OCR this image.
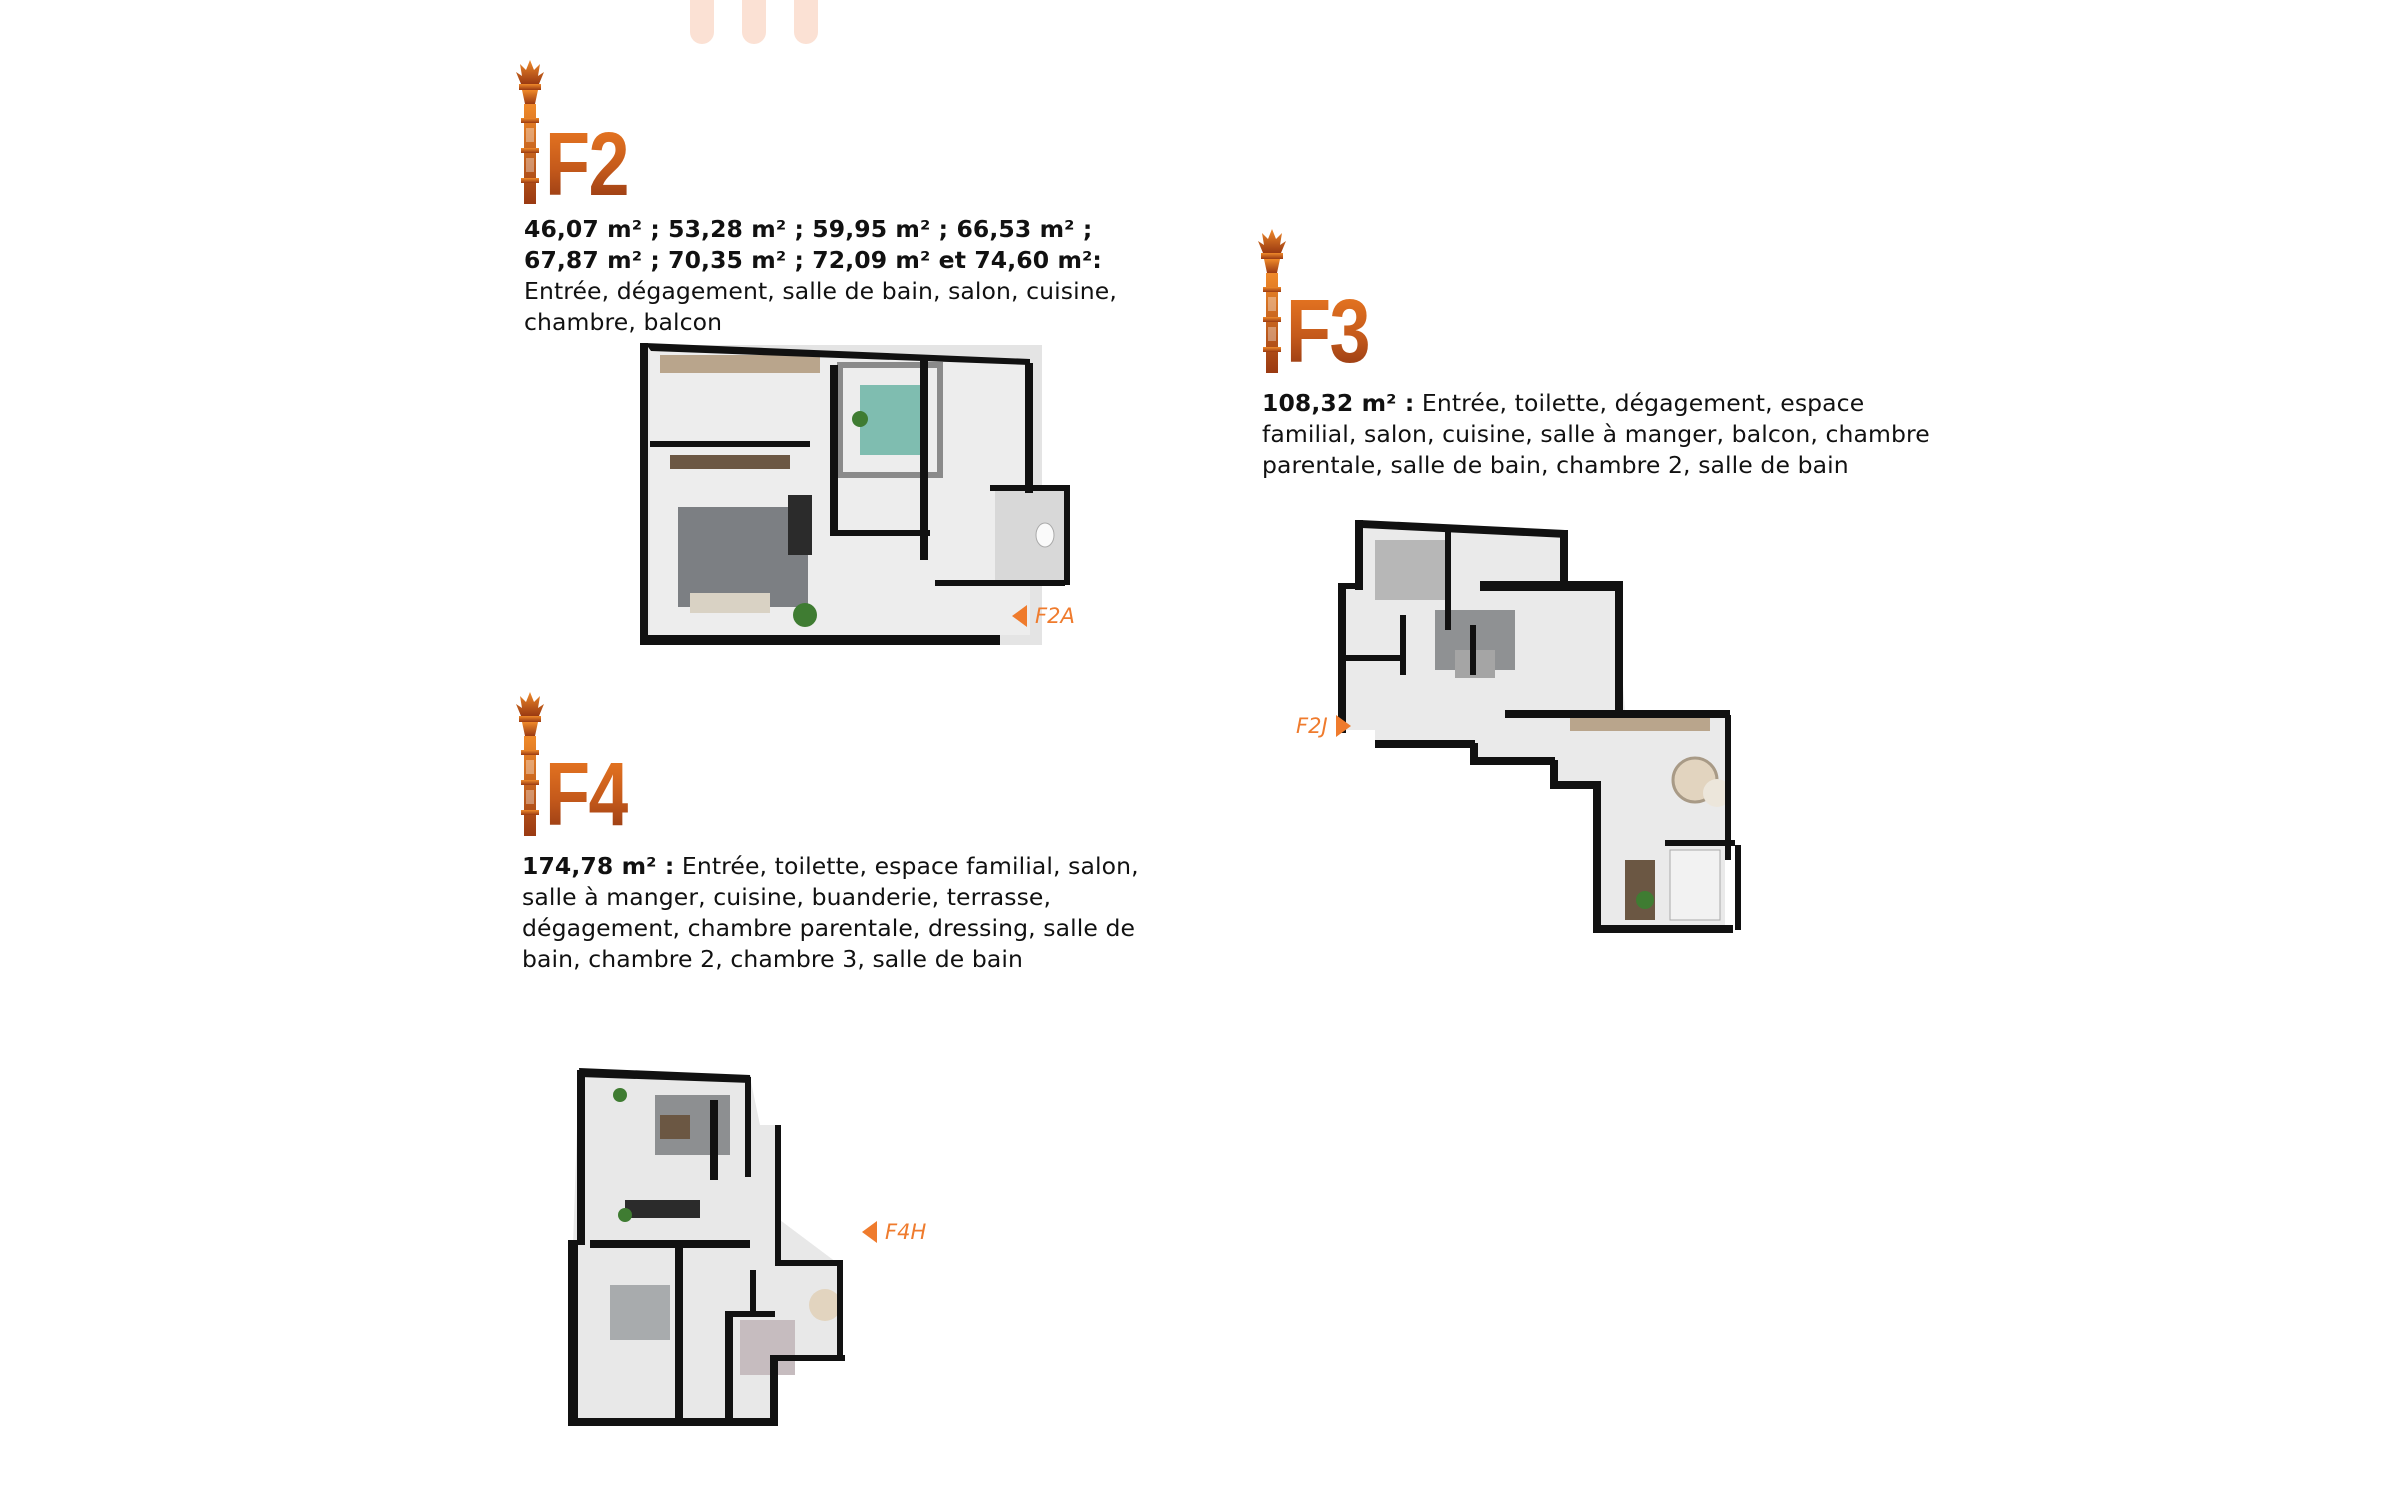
F2
46,07 m² ; 53,28 m² ; 59,95 m² ; 66,53 m² ; 67,87 m² ; 70,35 m² ; 72,09 m² et 74,60 m²: Entrée, dégagement, salle de bain, salon, cuisine, chambre, balcon
F2A
F3
108,32 m² : Entrée, toilette, dégagement, espace familial, salon, cuisine, salle à manger, balcon, chambre parentale, salle de bain, chambre 2, salle de bain
F2J
F4
174,78 m² : Entrée, toilette, espace familial, salon, salle à manger, cuisine, buanderie, terrasse, dégagement, chambre parentale, dressing, salle de bain, chambre 2, chambre 3, salle de bain
F4H
